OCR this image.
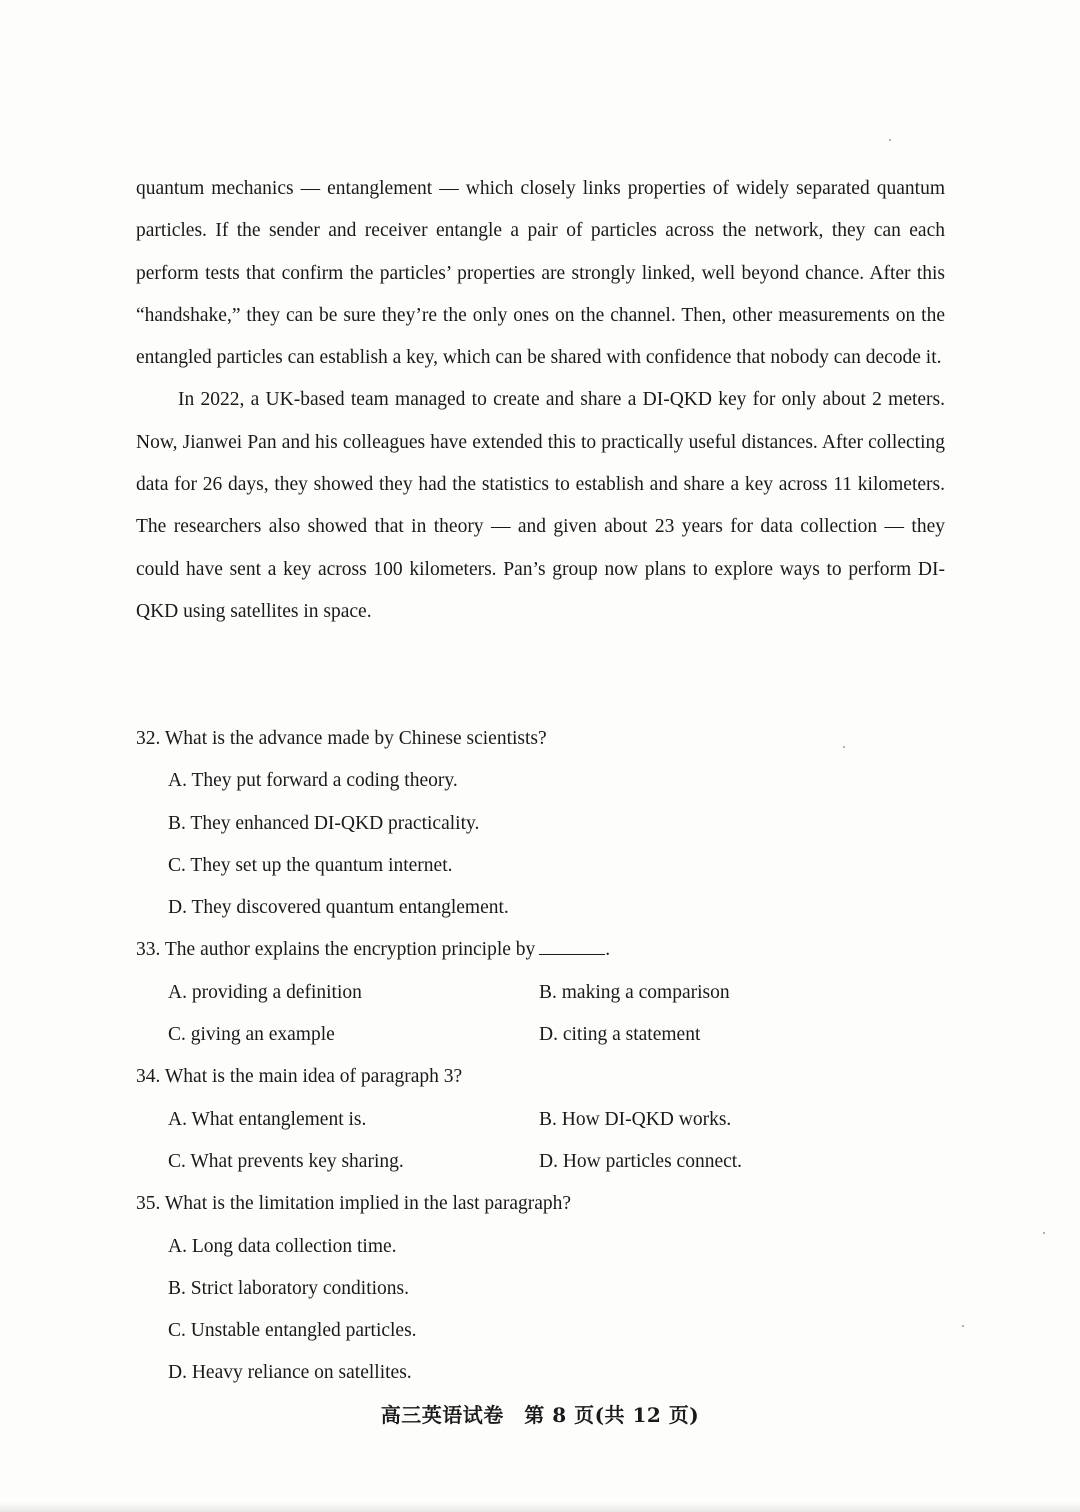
quantum mechanics — entanglement — which closely links properties of widely separated quantum particles. If the sender and receiver entangle a pair of particles across the network, they can each perform tests that confirm the particles’ properties are strongly linked, well beyond chance. After this “handshake,” they can be sure they’re the only ones on the channel. Then, other measurements on the entangled particles can establish a key, which can be shared with confidence that nobody can decode it.

In 2022, a UK-based team managed to create and share a DI-QKD key for only about 2 meters. Now, Jianwei Pan and his colleagues have extended this to practically useful distances. After collecting data for 26 days, they showed they had the statistics to establish and share a key across 11 kilometers. The researchers also showed that in theory — and given about 23 years for data collection — they could have sent a key across 100 kilometers. Pan’s group now plans to explore ways to perform DI-QKD using satellites in space.

32. What is the advance made by Chinese scientists?
A. They put forward a coding theory.
B. They enhanced DI-QKD practicality.
C. They set up the quantum internet.
D. They discovered quantum entanglement.
33. The author explains the encryption principle by	.
A. providing a definition	B. making a comparison
C. giving an example	D. citing a statement
34. What is the main idea of paragraph 3?
A. What entanglement is.	B. How DI-QKD works.
C. What prevents key sharing.	D. How particles connect.
35. What is the limitation implied in the last paragraph?
A. Long data collection time.
B. Strict laboratory conditions.
C. Unstable entangled particles.
D. Heavy reliance on satellites.
高三英语试卷　第 8 页(共 12 页)
